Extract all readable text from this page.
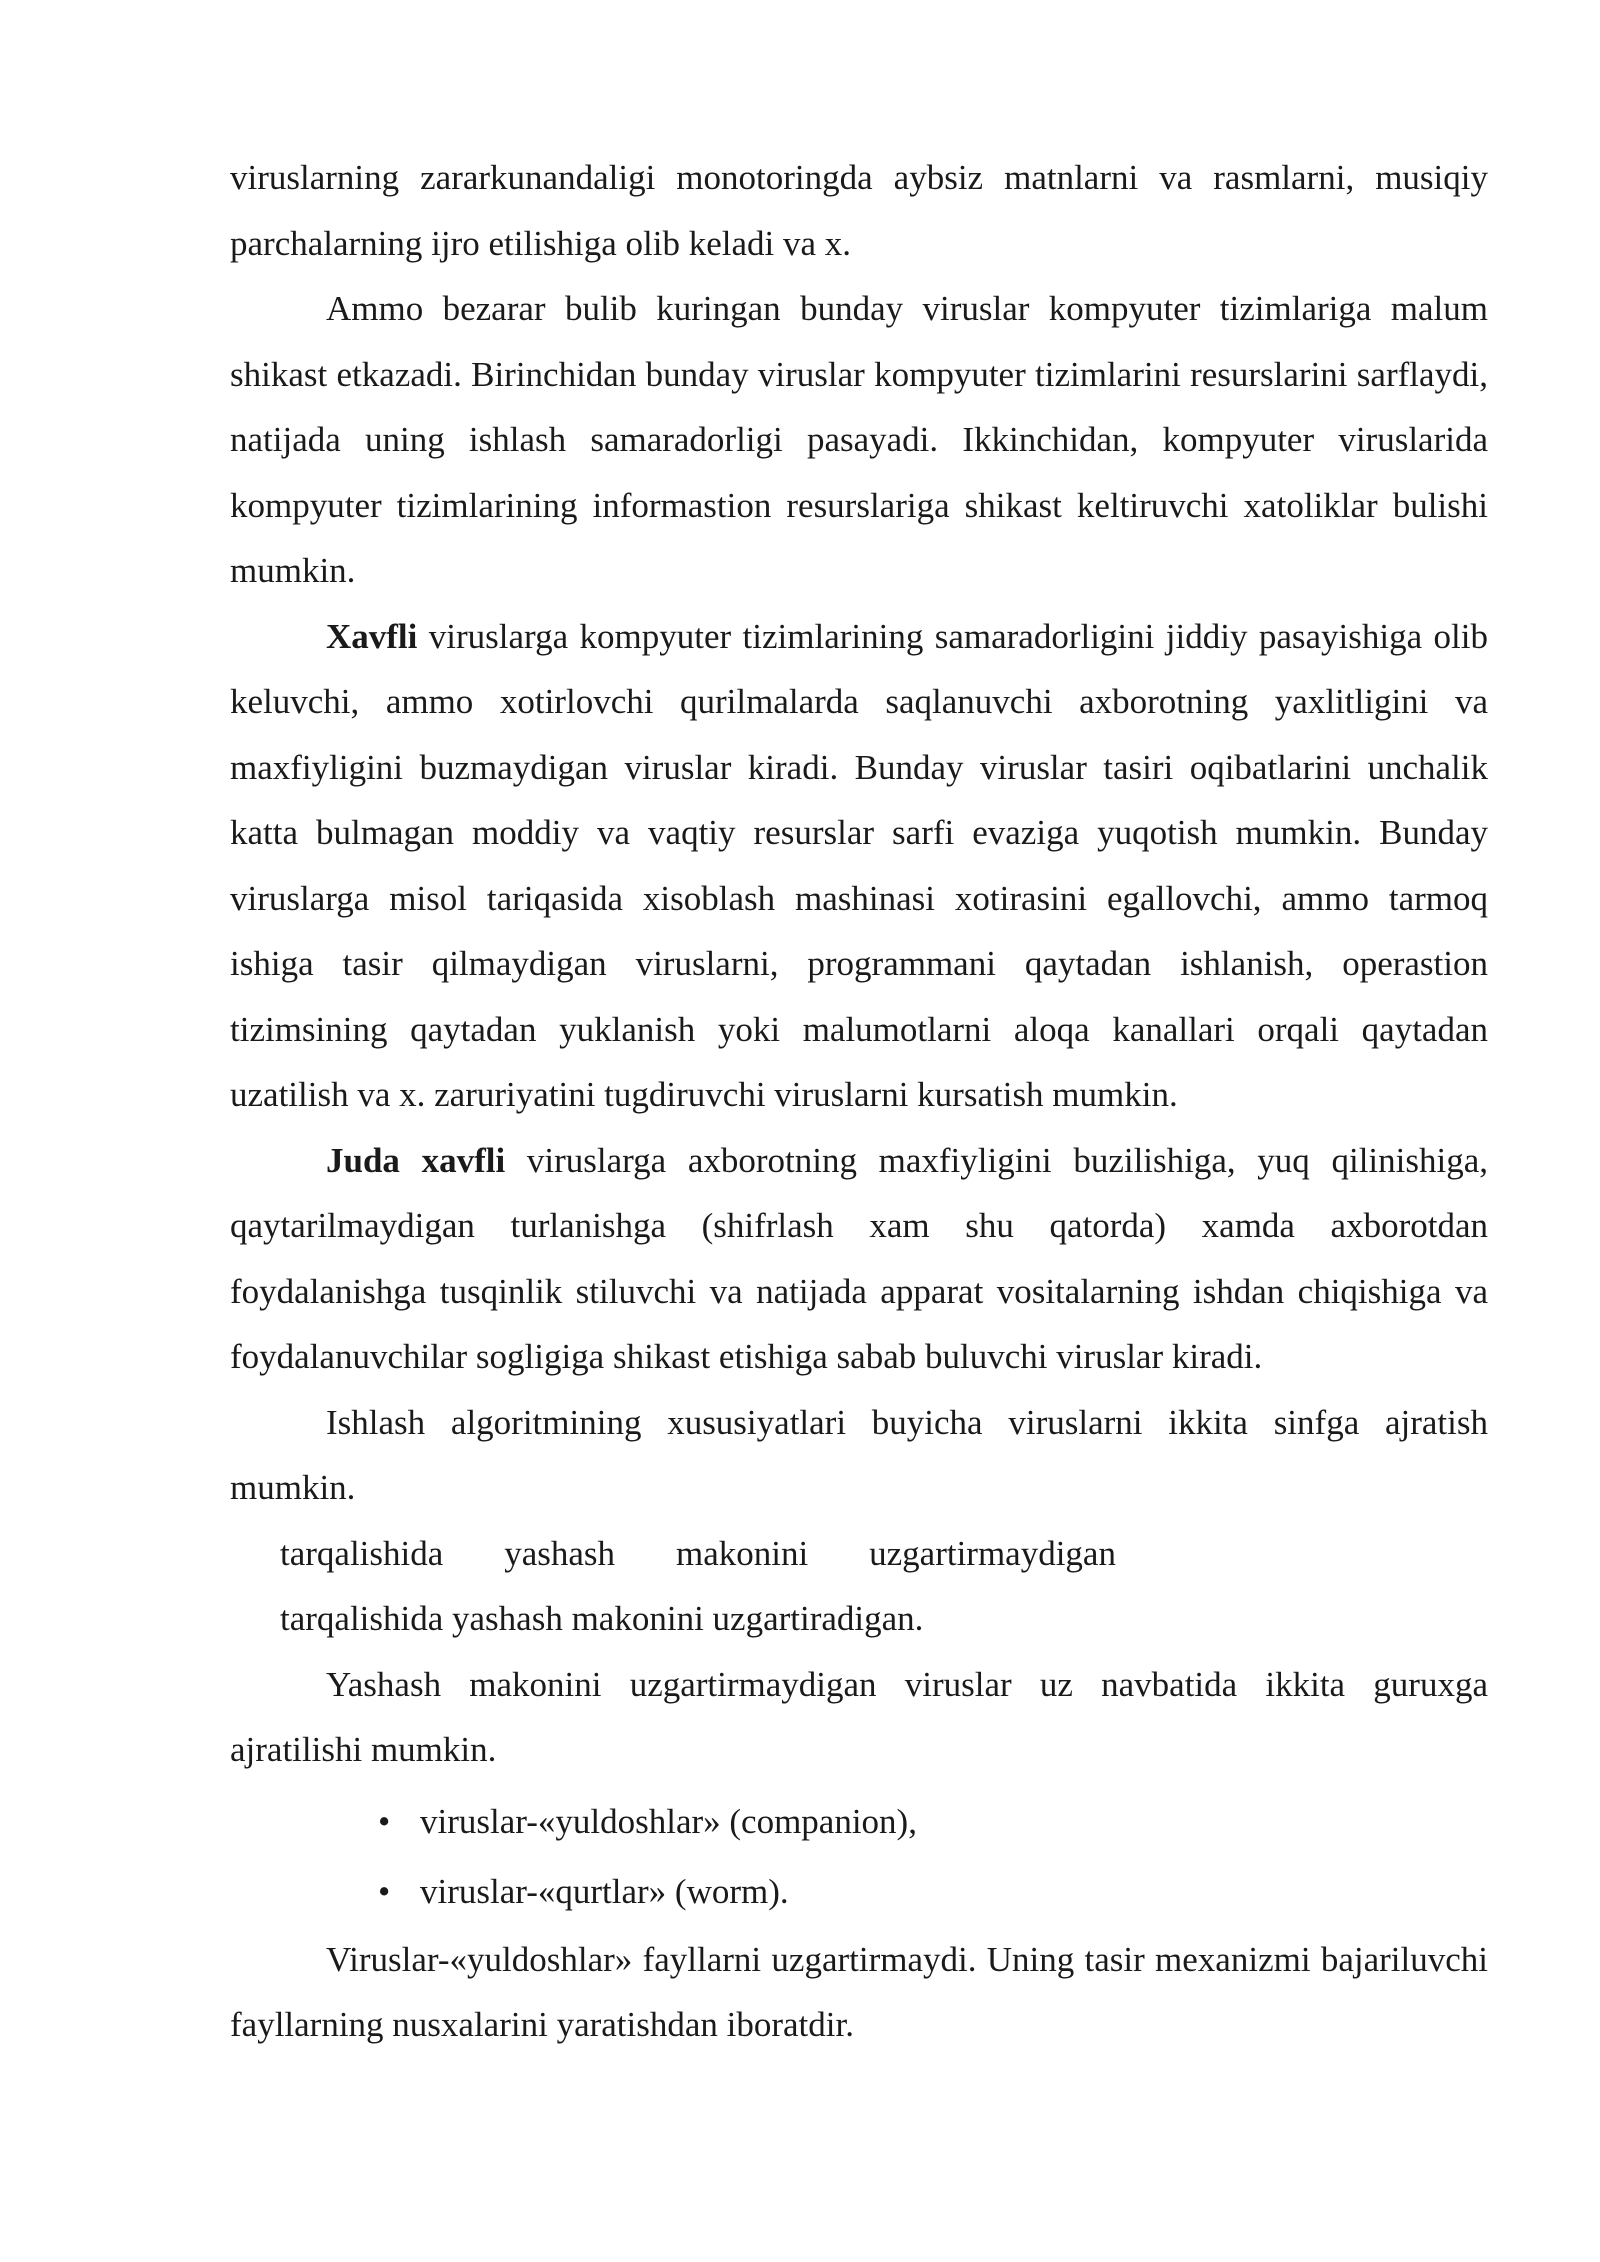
viruslarning zararkunandaligi monotoringda aybsiz matnlarni va rasmlarni, musiqiy parchalarning ijro etilishiga olib keladi va x.

Ammo bezarar bulib kuringan bunday viruslar kompyuter tizimlariga malum shikast etkazadi. Birinchidan bunday viruslar kompyuter tizimlarini resurslarini sarflaydi, natijada uning ishlash samaradorligi pasayadi. Ikkinchidan, kompyuter viruslarida kompyuter tizimlarining informastion resurslariga shikast keltiruvchi xatoliklar bulishi mumkin.

Xavfli viruslarga kompyuter tizimlarining samaradorligini jiddiy pasayishiga olib keluvchi, ammo xotirlovchi qurilmalarda saqlanuvchi axborotning yaxlitligini va maxfiyligini buzmaydigan viruslar kiradi. Bunday viruslar tasiri oqibatlarini unchalik katta bulmagan moddiy va vaqtiy resurslar sarfi evaziga yuqotish mumkin. Bunday viruslarga misol tariqasida xisoblash mashinasi xotirasini egallovchi, ammo tarmoq ishiga tasir qilmaydigan viruslarni, programmani qaytadan ishlanish, operastion tizimsining qaytadan yuklanish yoki malumotlarni aloqa kanallari orqali qaytadan uzatilish va x. zaruriyatini tugdiruvchi viruslarni kursatish mumkin.

Juda xavfli viruslarga axborotning maxfiyligini buzilishiga, yuq qilinishiga, qaytarilmaydigan turlanishga (shifrlash xam shu qatorda) xamda axborotdan foydalanishga tusqinlik stiluvchi va natijada apparat vositalarning ishdan chiqishiga va foydalanuvchilar sogligiga shikast etishiga sabab buluvchi viruslar kiradi.

Ishlash algoritmining xususiyatlari buyicha viruslarni ikkita sinfga ajratish mumkin.

tarqalishida yashash makonini uzgartirmaydigan
tarqalishida yashash makonini uzgartiradigan.

Yashash makonini uzgartirmaydigan viruslar uz navbatida ikkita guruxga ajratilishi mumkin.

• viruslar-«yuldoshlar» (companion),
• viruslar-«qurtlar» (worm).

Viruslar-«yuldoshlar» fayllarni uzgartirmaydi. Uning tasir mexanizmi bajariluvchi fayllarning nusxalarini yaratishdan iboratdir.
